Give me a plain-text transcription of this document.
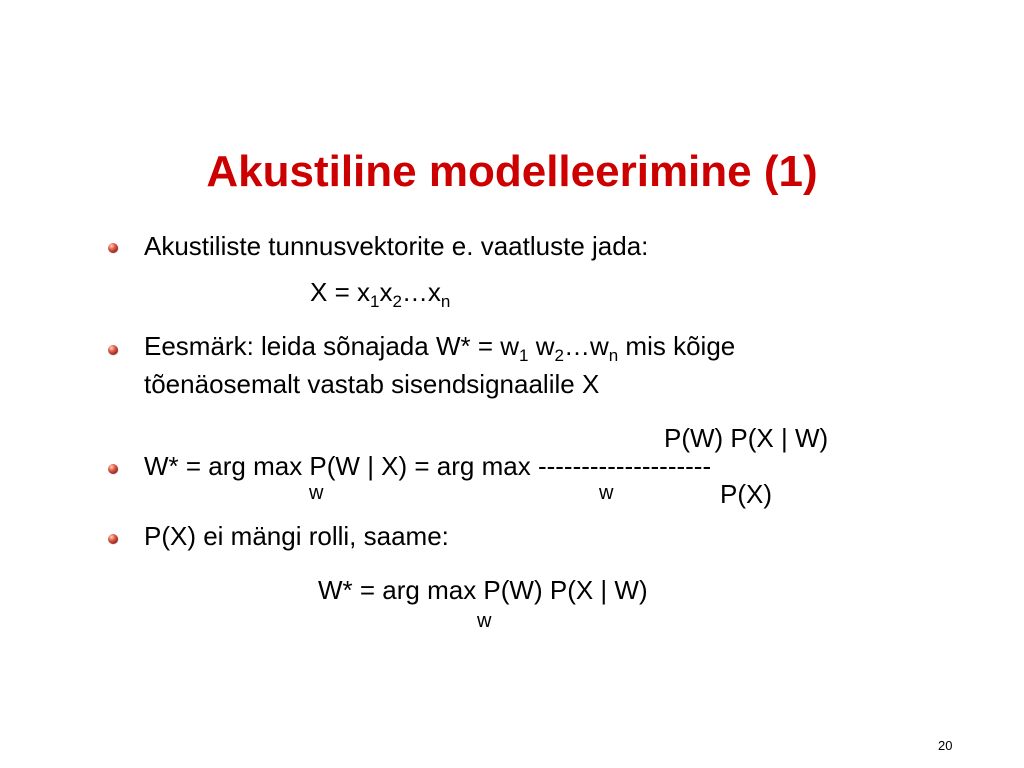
Akustiline modelleerimine (1)
Akustiliste tunnusvektorite e. vaatluste jada:
$X = x_1x_2\dots x_n$
Eesmärk: leida sõnajada $W* = w_1$ $w_2\dots w_n$ mis kõige
tõenäosemalt vastab sisendsignaalile X
P(W) P(X | W)
W* = arg max P(W | X) = arg max --------------------
w	w	P(X)
P(X) ei mängi rolli, saame:
W* = arg max P(W) P(X | W)
w
20
